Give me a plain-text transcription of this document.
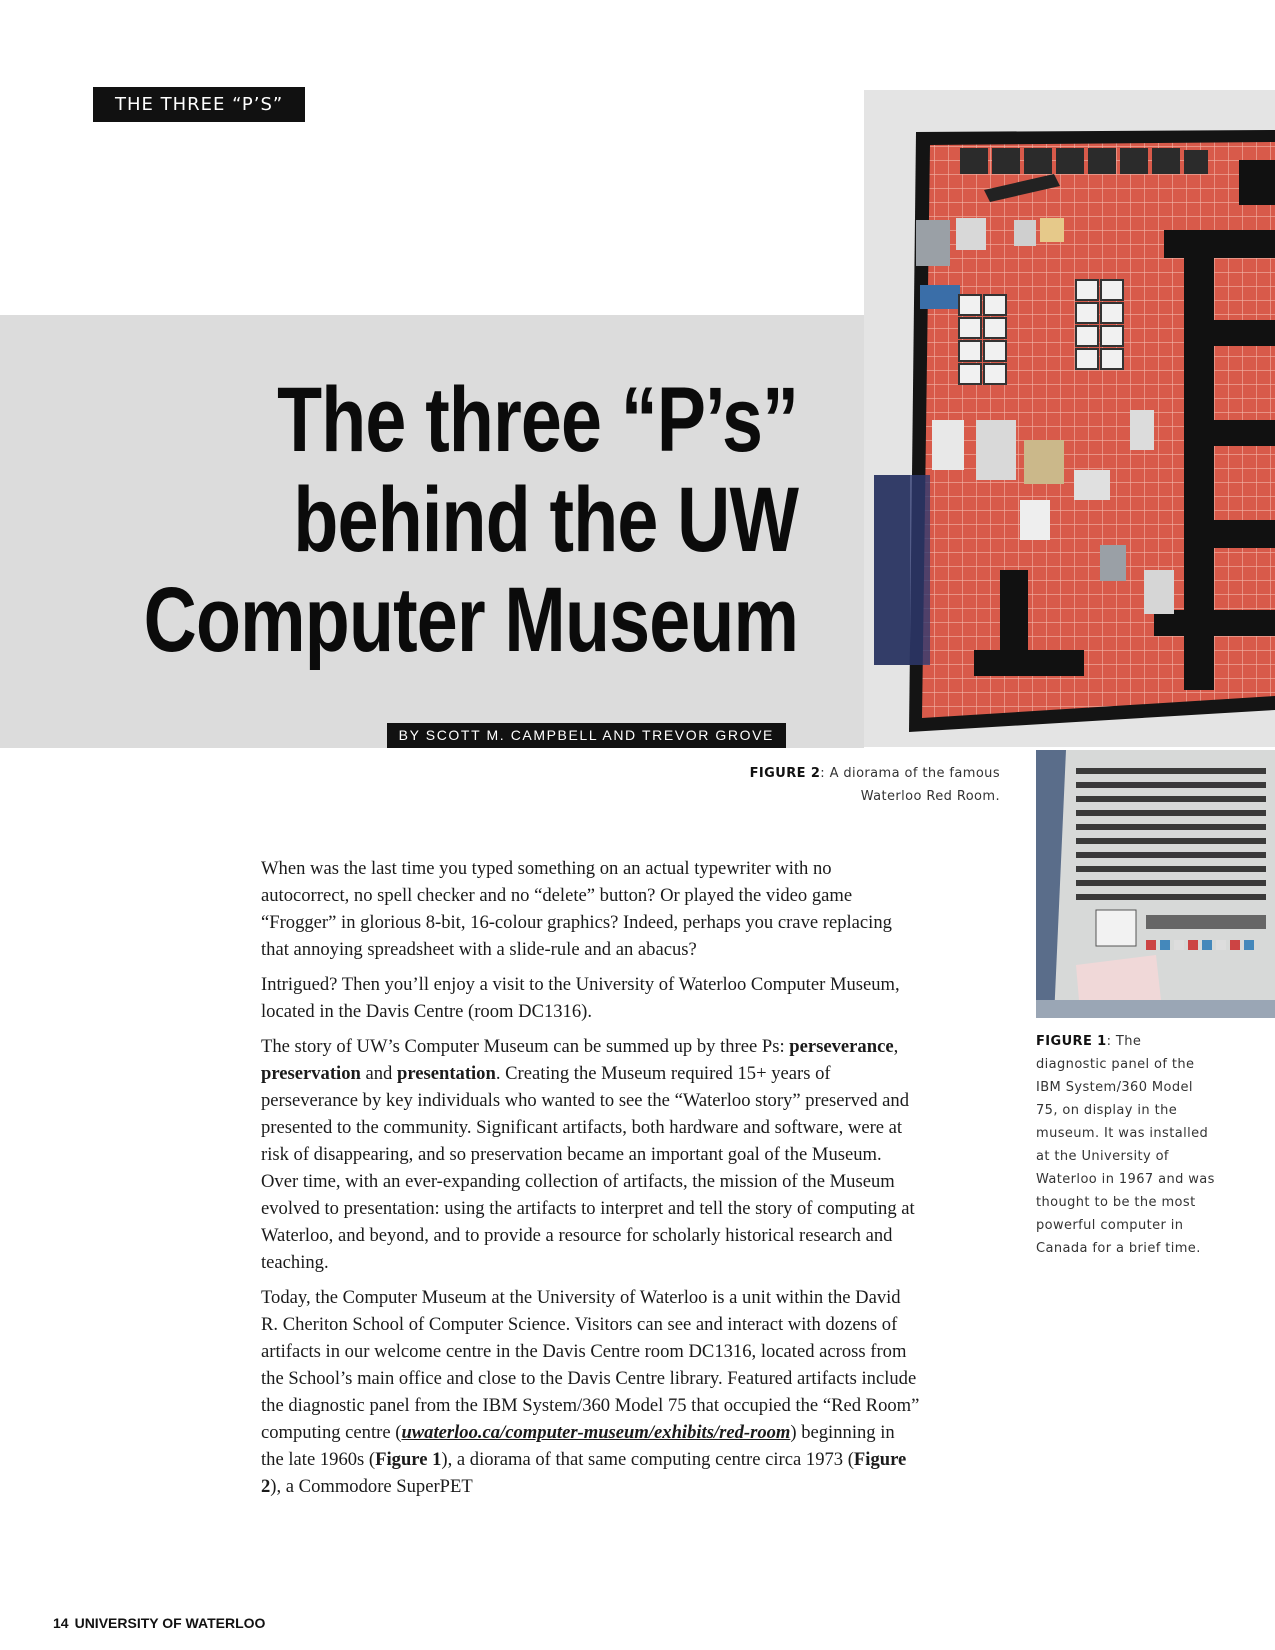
THE THREE “P’S”
The three “P’s”
behind the UW
Computer Museum
BY SCOTT M. CAMPBELL AND TREVOR GROVE
FIGURE 2: A diorama of the famous Waterloo Red Room.
FIGURE 1: The diagnostic panel of the IBM System/360 Model 75, on display in the museum. It was installed at the University of Waterloo in 1967 and was thought to be the most powerful computer in Canada for a brief time.

When was the last time you typed something on an actual typewriter with no autocorrect, no spell checker and no “delete” button? Or played the video game “Frogger” in glorious 8-bit, 16-colour graphics? Indeed, perhaps you crave replacing that annoying spreadsheet with a slide-rule and an abacus?

Intrigued? Then you’ll enjoy a visit to the University of Waterloo Computer Museum, located in the Davis Centre (room DC1316).

The story of UW’s Computer Museum can be summed up by three Ps: perseverance, preservation and presentation. Creating the Museum required 15+ years of perseverance by key individuals who wanted to see the “Waterloo story” preserved and presented to the community. Significant artifacts, both hardware and software, were at risk of disappearing, and so preservation became an important goal of the Museum. Over time, with an ever-expanding collection of artifacts, the mission of the Museum evolved to presentation: using the artifacts to interpret and tell the story of computing at Waterloo, and beyond, and to provide a resource for scholarly historical research and teaching.

Today, the Computer Museum at the University of Waterloo is a unit within the David R. Cheriton School of Computer Science. Visitors can see and interact with dozens of artifacts in our welcome centre in the Davis Centre room DC1316, located across from the School’s main office and close to the Davis Centre library. Featured artifacts include the diagnostic panel from the IBM System/360 Model 75 that occupied the “Red Room” computing centre (uwaterloo.ca/computer-museum/exhibits/red-room) beginning in the late 1960s (Figure 1), a diorama of that same computing centre circa 1973 (Figure 2), a Commodore SuperPET

14 UNIVERSITY OF WATERLOO
